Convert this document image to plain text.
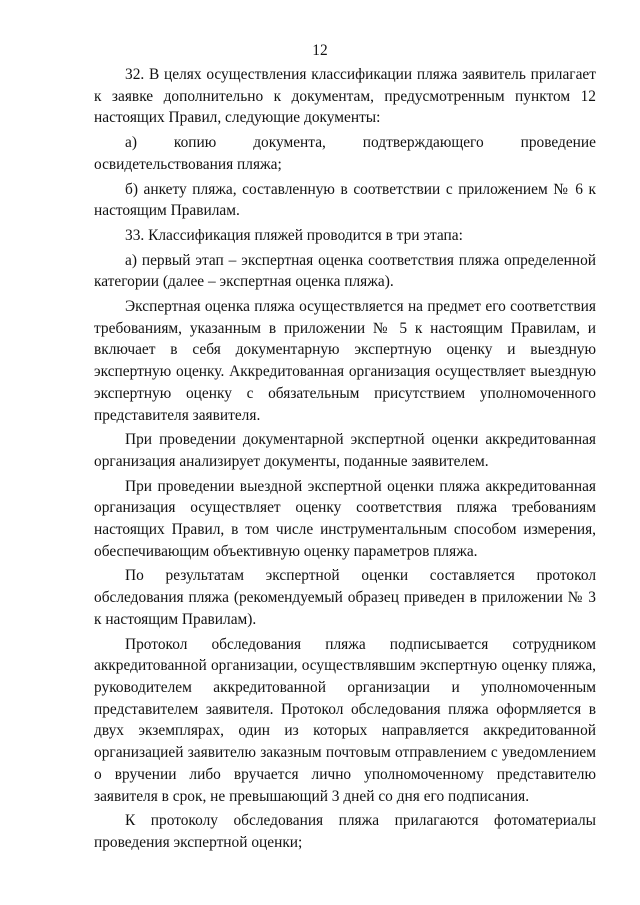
12

32. В целях осуществления классификации пляжа заявитель прилагает к заявке дополнительно к документам, предусмотренным пунктом 12 настоящих Правил, следующие документы:

а) копию документа, подтверждающего проведение освидетельствования пляжа;

б) анкету пляжа, составленную в соответствии с приложением № 6 к настоящим Правилам.

33. Классификация пляжей проводится в три этапа:

а) первый этап – экспертная оценка соответствия пляжа определенной категории (далее – экспертная оценка пляжа).

Экспертная оценка пляжа осуществляется на предмет его соответствия требованиям, указанным в приложении № 5 к настоящим Правилам, и включает в себя документарную экспертную оценку и выездную экспертную оценку. Аккредитованная организация осуществляет выездную экспертную оценку с обязательным присутствием уполномоченного представителя заявителя.

При проведении документарной экспертной оценки аккредитованная организация анализирует документы, поданные заявителем.

При проведении выездной экспертной оценки пляжа аккредитованная организация осуществляет оценку соответствия пляжа требованиям настоящих Правил, в том числе инструментальным способом измерения, обеспечивающим объективную оценку параметров пляжа.

По результатам экспертной оценки составляется протокол обследования пляжа (рекомендуемый образец приведен в приложении № 3 к настоящим Правилам).

Протокол обследования пляжа подписывается сотрудником аккредитованной организации, осуществлявшим экспертную оценку пляжа, руководителем аккредитованной организации и уполномоченным представителем заявителя. Протокол обследования пляжа оформляется в двух экземплярах, один из которых направляется аккредитованной организацией заявителю заказным почтовым отправлением с уведомлением о вручении либо вручается лично уполномоченному представителю заявителя в срок, не превышающий 3 дней со дня его подписания.

К протоколу обследования пляжа прилагаются фотоматериалы проведения экспертной оценки;
